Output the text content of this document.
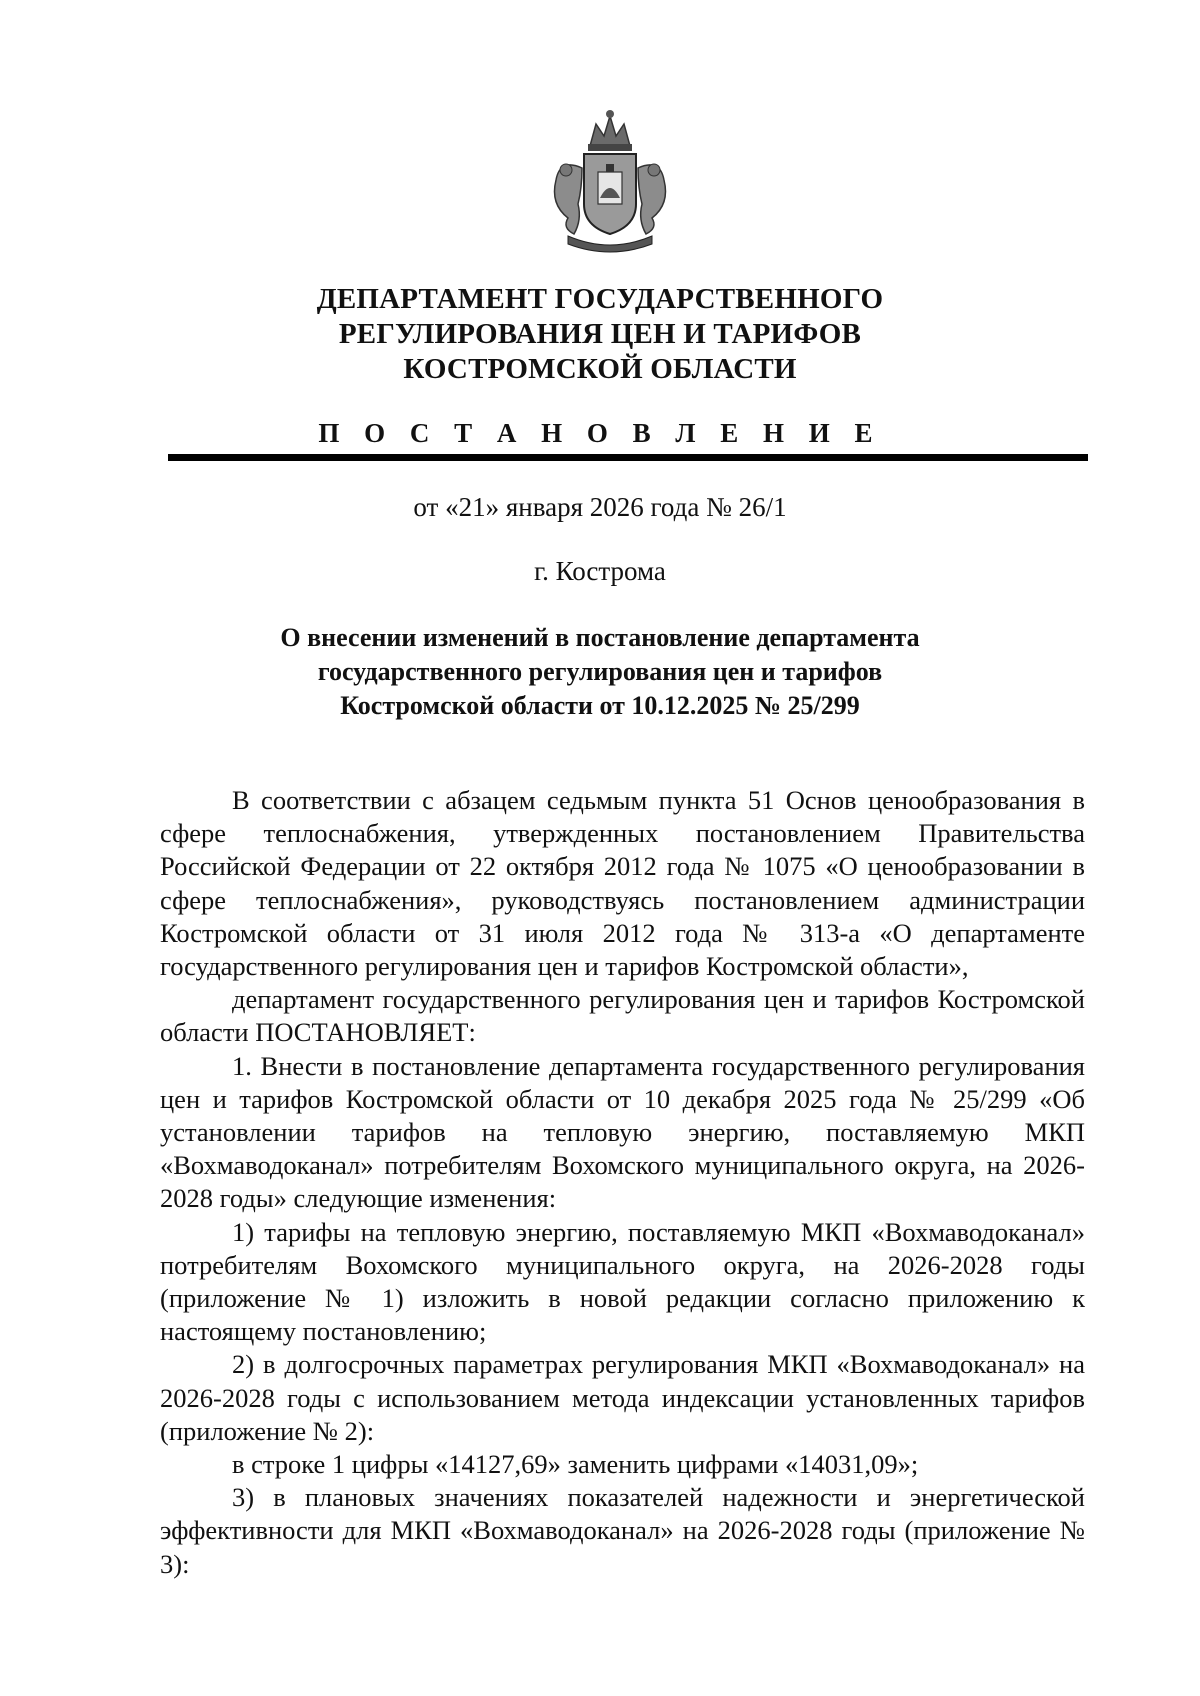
ДЕПАРТАМЕНТ ГОСУДАРСТВЕННОГО
РЕГУЛИРОВАНИЯ ЦЕН И ТАРИФОВ
КОСТРОМСКОЙ ОБЛАСТИ
П О С Т А Н О В Л Е Н И Е
от «21» января 2026 года № 26/1
г. Кострома
О внесении изменений в постановление департамента
государственного регулирования цен и тарифов
Костромской области от 10.12.2025 № 25/299

В соответствии с абзацем седьмым пункта 51 Основ ценообразования в сфере теплоснабжения, утвержденных постановлением Правительства Российской Федерации от 22 октября 2012 года № 1075 «О ценообразовании в сфере теплоснабжения», руководствуясь постановлением администрации Костромской области от 31 июля 2012 года № 313-а «О департаменте государственного регулирования цен и тарифов Костромской области»,

департамент государственного регулирования цен и тарифов Костромской области ПОСТАНОВЛЯЕТ:

1. Внести в постановление департамента государственного регулирования цен и тарифов Костромской области от 10 декабря 2025 года № 25/299 «Об установлении тарифов на тепловую энергию, поставляемую МКП «Вохмаводоканал» потребителям Вохомского муниципального округа, на 2026-2028 годы» следующие изменения:

1) тарифы на тепловую энергию, поставляемую МКП «Вохмаводоканал» потребителям Вохомского муниципального округа, на 2026-2028 годы (приложение № 1) изложить в новой редакции согласно приложению к настоящему постановлению;

2) в долгосрочных параметрах регулирования МКП «Вохмаводоканал» на 2026-2028 годы с использованием метода индексации установленных тарифов (приложение № 2):

в строке 1 цифры «14127,69» заменить цифрами «14031,09»;

3) в плановых значениях показателей надежности и энергетической эффективности для МКП «Вохмаводоканал» на 2026-2028 годы (приложение № 3):
